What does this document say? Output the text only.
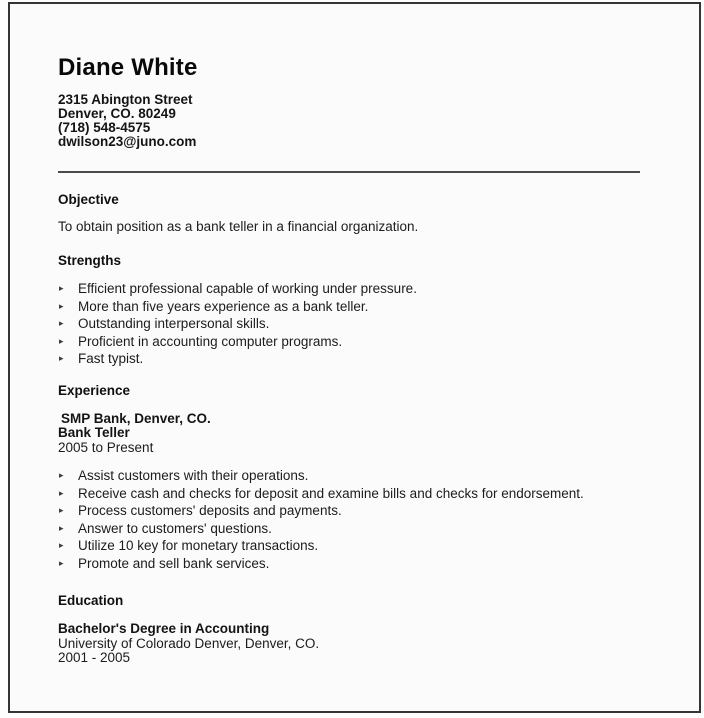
Diane White
2315 Abington Street
Denver, CO. 80249
(718) 548-4575
dwilson23@juno.com
Objective
To obtain position as a bank teller in a financial organization.
Strengths
▸ Efficient professional capable of working under pressure.
▸ More than five years experience as a bank teller.
▸ Outstanding interpersonal skills.
▸ Proficient in accounting computer programs.
▸ Fast typist.
Experience
SMP Bank, Denver, CO.
Bank Teller
2005 to Present
▸ Assist customers with their operations.
▸ Receive cash and checks for deposit and examine bills and checks for endorsement.
▸ Process customers' deposits and payments.
▸ Answer to customers' questions.
▸ Utilize 10 key for monetary transactions.
▸ Promote and sell bank services.
Education
Bachelor's Degree in Accounting
University of Colorado Denver, Denver, CO.
2001 - 2005
